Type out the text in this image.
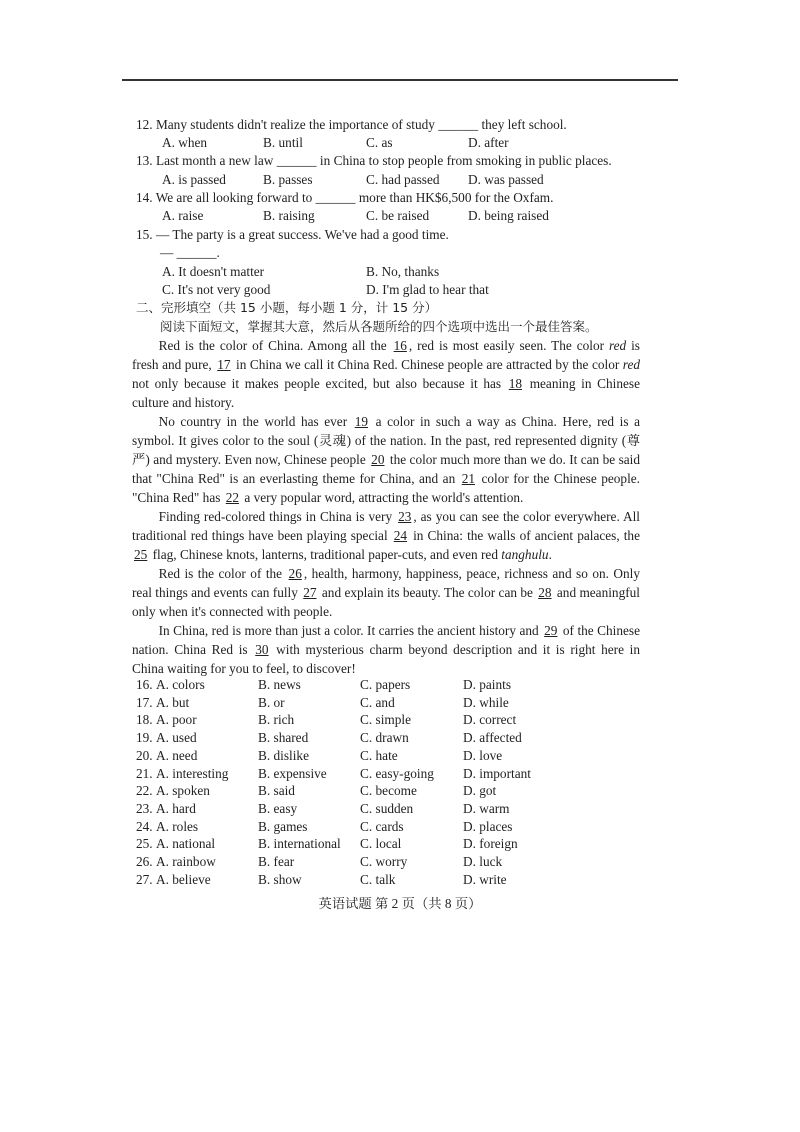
12. Many students didn't realize the importance of study ______ they left school.
A. when	B. until	C. as	D. after
13. Last month a new law ______ in China to stop people from smoking in public places.
A. is passed	B. passes	C. had passed D. was passed
14. We are all looking forward to ______ more than HK$6,500 for the Oxfam.
A. raise	B. raising	C. be raised	D. being raised
15. — The party is a great success. We've had a good time.
— ______.
A. It doesn't matter	B. No, thanks
C. It's not very good	D. I'm glad to hear that
二、完形填空（共 15 小题，每小题 1 分，计 15 分）
阅读下面短文，掌握其大意，然后从各题所给的四个选项中选出一个最佳答案。

Red is the color of China. Among all the 16 , red is most easily seen. The color red is fresh and pure, 17 in China we call it China Red. Chinese people are attracted by the color red not only because it makes people excited, but also because it has 18 meaning in Chinese culture and history.

No country in the world has ever 19 a color in such a way as China. Here, red is a symbol. It gives color to the soul (灵魂) of the nation. In the past, red represented dignity (尊严) and mystery. Even now, Chinese people 20 the color much more than we do. It can be said that "China Red" is an everlasting theme for China, and an 21 color for the Chinese people. "China Red" has 22 a very popular word, attracting the world's attention.

Finding red-colored things in China is very 23 , as you can see the color everywhere. All traditional red things have been playing special 24 in China: the walls of ancient palaces, the 25 flag, Chinese knots, lanterns, traditional paper-cuts, and even red tanghulu.

Red is the color of the 26 , health, harmony, happiness, peace, richness and so on. Only real things and events can fully 27 and explain its beauty. The color can be 28 and meaningful only when it's connected with people.

In China, red is more than just a color. It carries the ancient history and 29 of the Chinese nation. China Red is 30 with mysterious charm beyond description and it is right here in China waiting for you to feel, to discover!

16. A. colors	B. news	C. papers	D. paints
17. A. but	B. or	C. and	D. while
18. A. poor	B. rich	C. simple	D. correct
19. A. used	B. shared	C. drawn	D. affected
20. A. need	B. dislike	C. hate	D. love
21. A. interesting B. expensive	C. easy-going D. important
22. A. spoken	B. said	C. become	D. got
23. A. hard	B. easy	C. sudden	D. warm
24. A. roles	B. games	C. cards	D. places
25. A. national	B. international C. local	D. foreign
26. A. rainbow	B. fear	C. worry	D. luck
27. A. believe	B. show	C. talk	D. write
英语试题 第 2 页（共 8 页）
